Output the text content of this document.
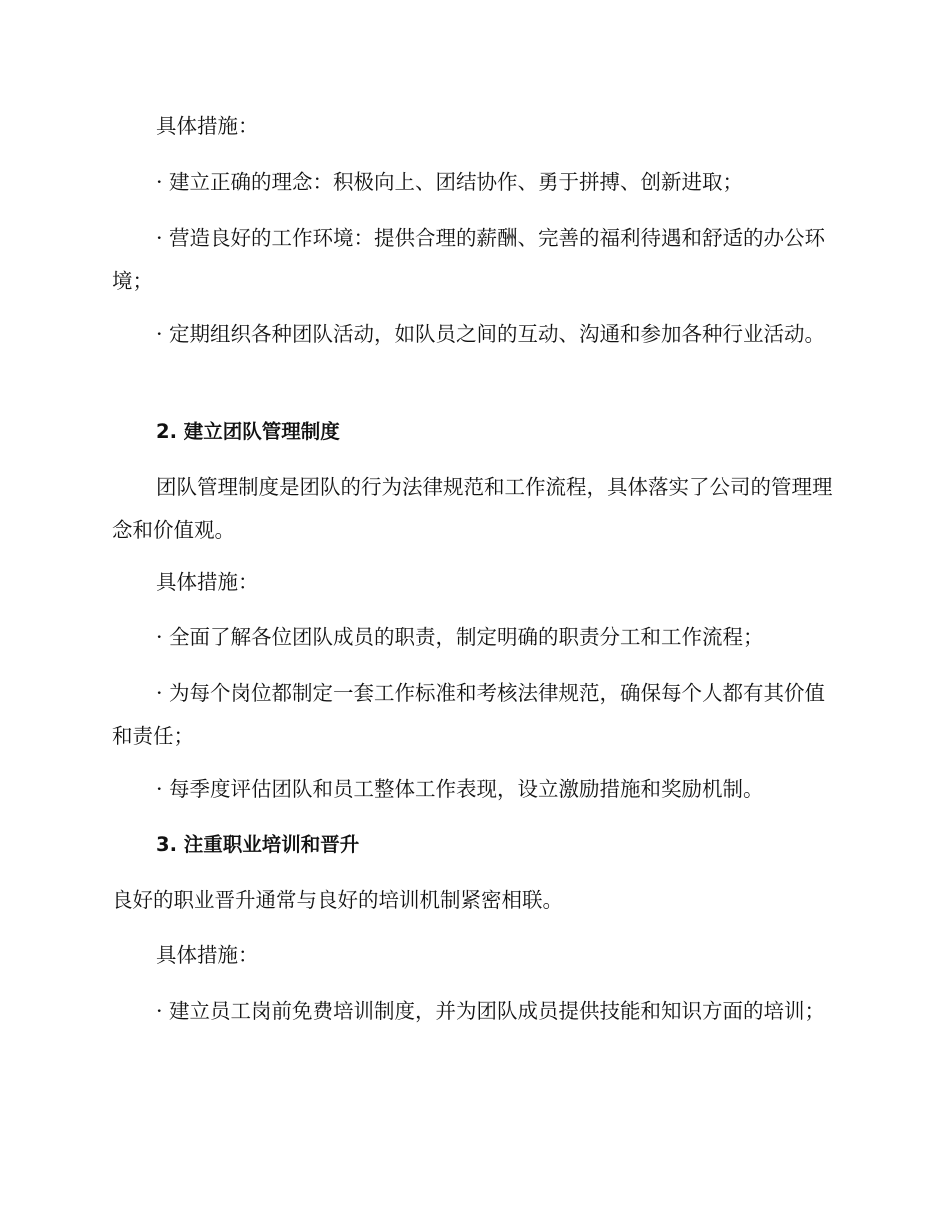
具体措施：

· 建立正确的理念：积极向上、团结协作、勇于拼搏、创新进取；

· 营造良好的工作环境：提供合理的薪酬、完善的福利待遇和舒适的办公环境；

· 定期组织各种团队活动，如队员之间的互动、沟通和参加各种行业活动。

2. 建立团队管理制度

团队管理制度是团队的行为法律规范和工作流程，具体落实了公司的管理理念和价值观。

具体措施：

· 全面了解各位团队成员的职责，制定明确的职责分工和工作流程；

· 为每个岗位都制定一套工作标准和考核法律规范，确保每个人都有其价值和责任；

· 每季度评估团队和员工整体工作表现，设立激励措施和奖励机制。

3. 注重职业培训和晋升

良好的职业晋升通常与良好的培训机制紧密相联。

具体措施：

· 建立员工岗前免费培训制度，并为团队成员提供技能和知识方面的培训；
